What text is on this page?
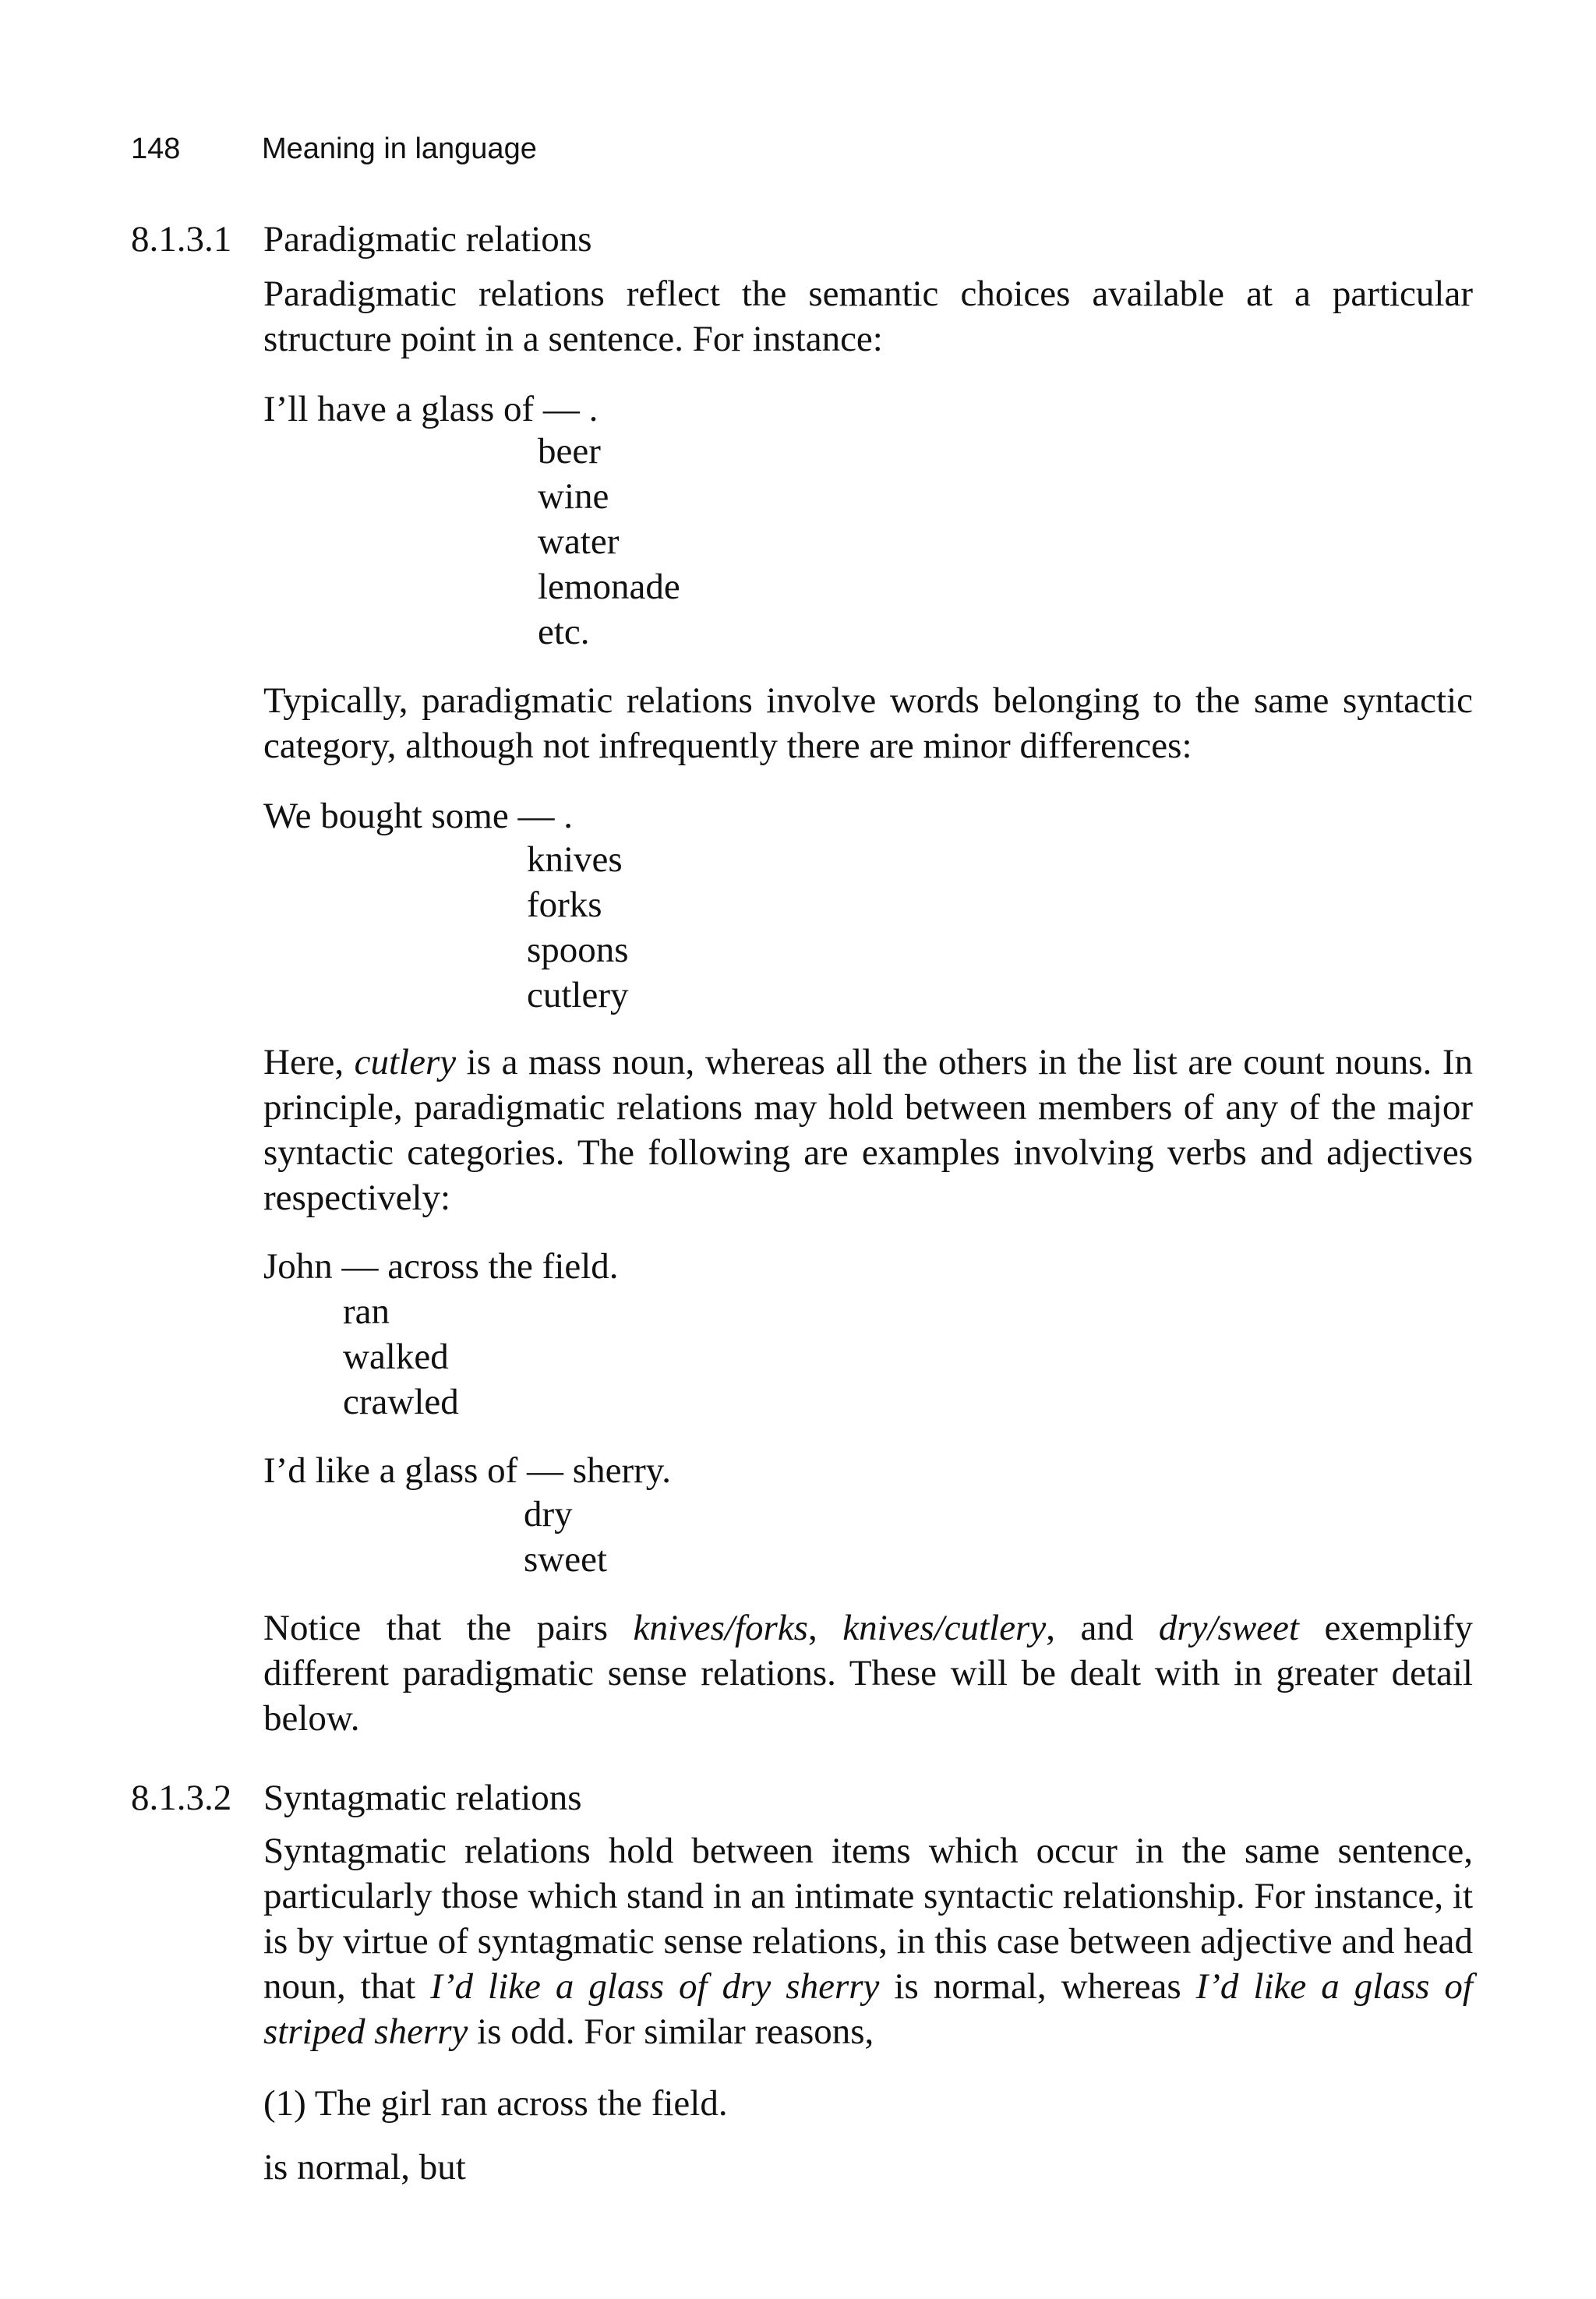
148	Meaning in language
8.1.3.1 Paradigmatic relations
Paradigmatic relations reflect the semantic choices available at a particular structure point in a sentence. For instance:
I’ll have a glass of — .
beer
wine
water
lemonade
etc.
Typically, paradigmatic relations involve words belonging to the same syntactic category, although not infrequently there are minor differences:
We bought some — .
knives
forks
spoons
cutlery
Here, cutlery is a mass noun, whereas all the others in the list are count nouns. In principle, paradigmatic relations may hold between members of any of the major syntactic categories. The following are examples involving verbs and adjectives respectively:
John — across the field.
ran
walked
crawled
I’d like a glass of — sherry.
dry
sweet
Notice that the pairs knives/forks, knives/cutlery, and dry/sweet exemplify different paradigmatic sense relations. These will be dealt with in greater detail below.
8.1.3.2 Syntagmatic relations
Syntagmatic relations hold between items which occur in the same sentence, particularly those which stand in an intimate syntactic relationship. For instance, it is by virtue of syntagmatic sense relations, in this case between adjective and head noun, that I’d like a glass of dry sherry is normal, whereas I’d like a glass of striped sherry is odd. For similar reasons,
(1) The girl ran across the field.
is normal, but
